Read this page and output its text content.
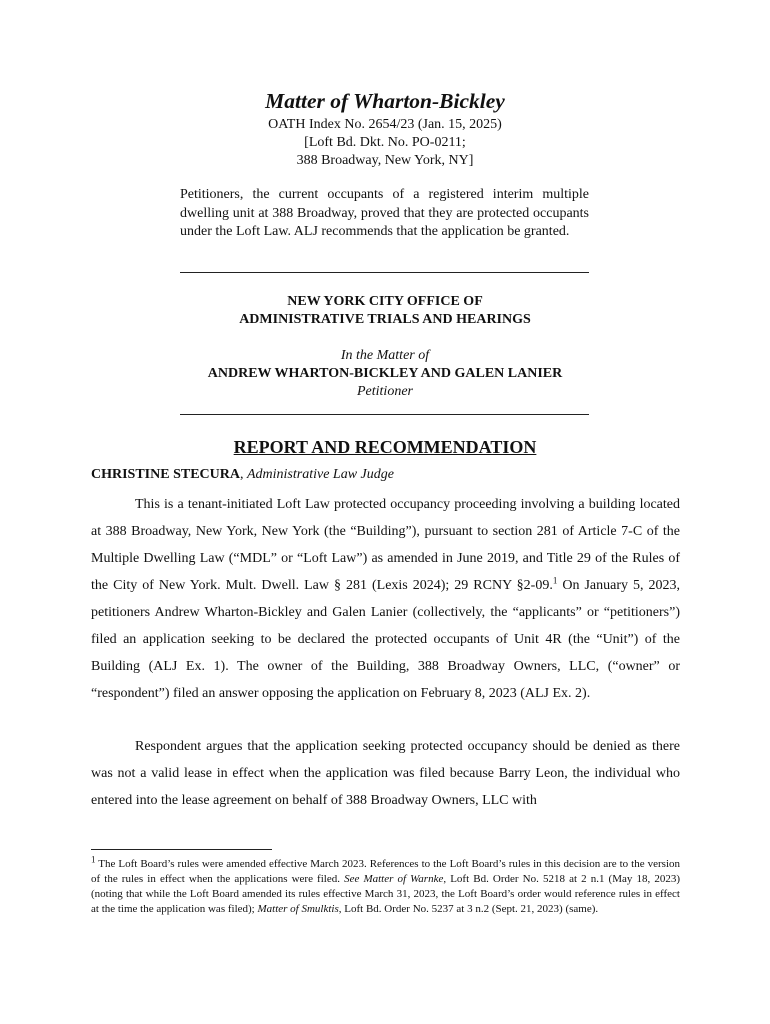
Matter of Wharton-Bickley
OATH Index No. 2654/23 (Jan. 15, 2025)
[Loft Bd. Dkt. No. PO-0211;
388 Broadway, New York, NY]
Petitioners, the current occupants of a registered interim multiple dwelling unit at 388 Broadway, proved that they are protected occupants under the Loft Law. ALJ recommends that the application be granted.
NEW YORK CITY OFFICE OF
ADMINISTRATIVE TRIALS AND HEARINGS
In the Matter of
ANDREW WHARTON-BICKLEY AND GALEN LANIER
Petitioner
REPORT AND RECOMMENDATION
CHRISTINE STECURA, Administrative Law Judge

This is a tenant-initiated Loft Law protected occupancy proceeding involving a building located at 388 Broadway, New York, New York (the “Building”), pursuant to section 281 of Article 7-C of the Multiple Dwelling Law (“MDL” or “Loft Law”) as amended in June 2019, and Title 29 of the Rules of the City of New York. Mult. Dwell. Law § 281 (Lexis 2024); 29 RCNY §2-09.$^1$ On January 5, 2023, petitioners Andrew Wharton-Bickley and Galen Lanier (collectively, the “applicants” or “petitioners”) filed an application seeking to be declared the protected occupants of Unit 4R (the “Unit”) of the Building (ALJ Ex. 1). The owner of the Building, 388 Broadway Owners, LLC, (“owner” or “respondent”) filed an answer opposing the application on February 8, 2023 (ALJ Ex. 2).

Respondent argues that the application seeking protected occupancy should be denied as there was not a valid lease in effect when the application was filed because Barry Leon, the individual who entered into the lease agreement on behalf of 388 Broadway Owners, LLC with

$^1$ The Loft Board’s rules were amended effective March 2023. References to the Loft Board’s rules in this decision are to the version of the rules in effect when the applications were filed. See Matter of Warnke, Loft Bd. Order No. 5218 at 2 n.1 (May 18, 2023) (noting that while the Loft Board amended its rules effective March 31, 2023, the Loft Board’s order would reference rules in effect at the time the application was filed); Matter of Smulktis, Loft Bd. Order No. 5237 at 3 n.2 (Sept. 21, 2023) (same).
